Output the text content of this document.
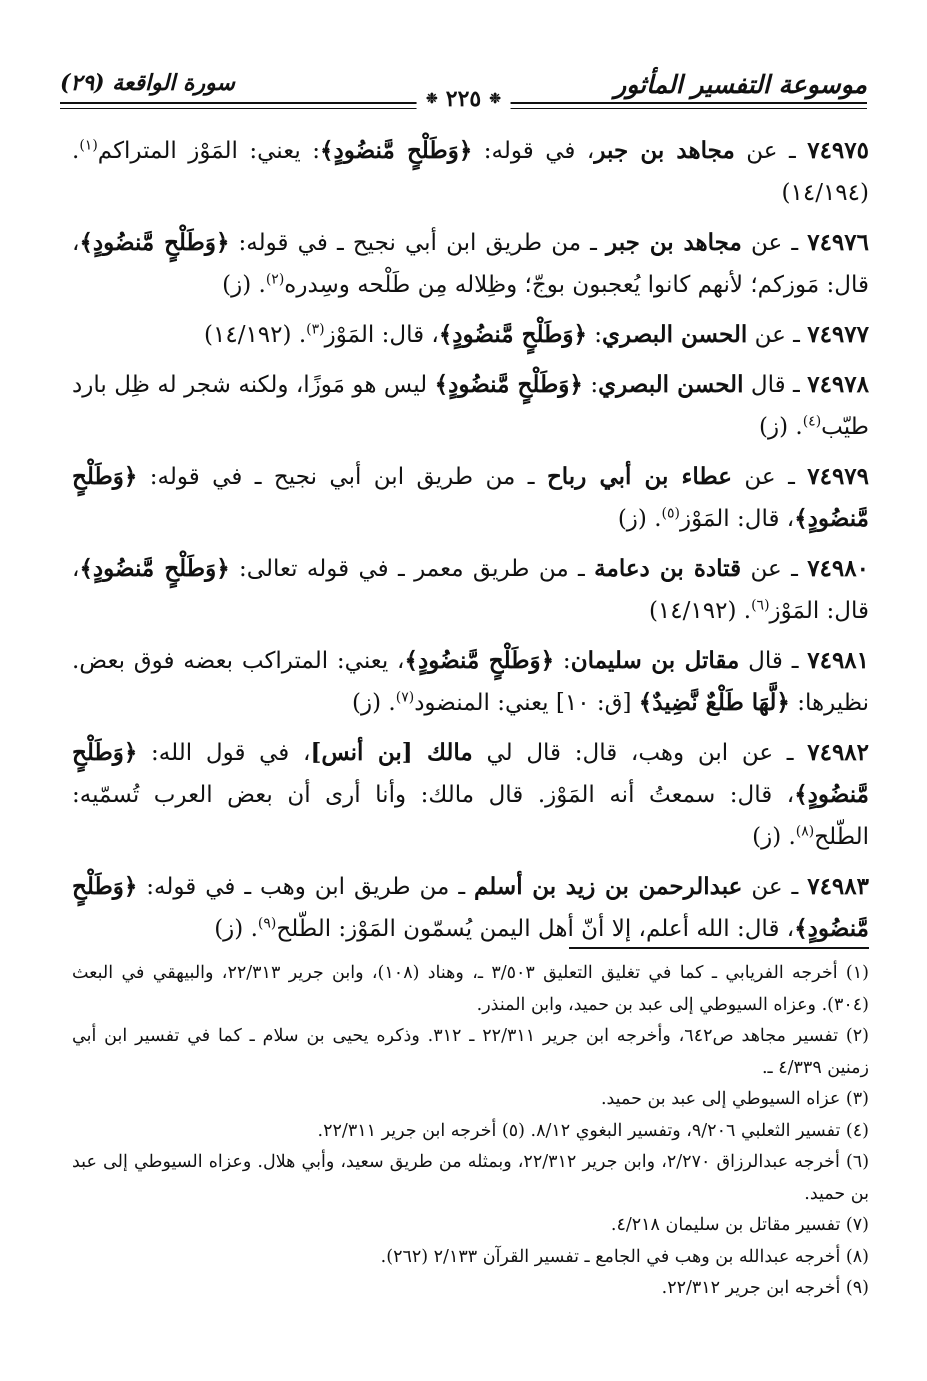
موسوعة التفسير المأثور
سورة الواقعة (٢٩)
❉
٢٢٥
❉

٧٤٩٧٥ ـ عن مجاهد بن جبر، في قوله: ﴿وَطَلْحٍ مَّنضُودٍ﴾: يعني: المَوْز المتراكم$^{(١)}$. (١٤/١٩٤)

٧٤٩٧٦ ـ عن مجاهد بن جبر ـ من طريق ابن أبي نجيح ـ في قوله: ﴿وَطَلْحٍ مَّنضُودٍ﴾، قال: مَوزكم؛ لأنهم كانوا يُعجبون بوجّ؛ وظِلاله مِن طَلْحه وسِدره$^{(٢)}$. (ز)

٧٤٩٧٧ ـ عن الحسن البصري: ﴿وَطَلْحٍ مَّنضُودٍ﴾، قال: المَوْز$^{(٣)}$. (١٤/١٩٢)

٧٤٩٧٨ ـ قال الحسن البصري: ﴿وَطَلْحٍ مَّنضُودٍ﴾ ليس هو مَوزًا، ولكنه شجر له ظِل بارد طيّب$^{(٤)}$. (ز)

٧٤٩٧٩ ـ عن عطاء بن أبي رباح ـ من طريق ابن أبي نجيح ـ في قوله: ﴿وَطَلْحٍ مَّنضُودٍ﴾، قال: المَوْز$^{(٥)}$. (ز)

٧٤٩٨٠ ـ عن قتادة بن دعامة ـ من طريق معمر ـ في قوله تعالى: ﴿وَطَلْحٍ مَّنضُودٍ﴾، قال: المَوْز$^{(٦)}$. (١٤/١٩٢)

٧٤٩٨١ ـ قال مقاتل بن سليمان: ﴿وَطَلْحٍ مَّنضُودٍ﴾، يعني: المتراكب بعضه فوق بعض. نظيرها: ﴿لَّهَا طَلْعٌ نَّضِيدٌ﴾ [ق: ١٠] يعني: المنضود$^{(٧)}$. (ز)

٧٤٩٨٢ ـ عن ابن وهب، قال: قال لي مالك [بن أنس]، في قول الله: ﴿وَطَلْحٍ مَّنضُودٍ﴾، قال: سمعتُ أنه المَوْز. قال مالك: وأنا أرى أن بعض العرب تُسمّيه: الطّلح$^{(٨)}$. (ز)

٧٤٩٨٣ ـ عن عبدالرحمن بن زيد بن أسلم ـ من طريق ابن وهب ـ في قوله: ﴿وَطَلْحٍ مَّنضُودٍ﴾، قال: الله أعلم، إلا أنّ أهل اليمن يُسمّون المَوْز: الطّلح$^{(٩)}$. (ز)

(١) أخرجه الفريابي ـ كما في تغليق التعليق ٣/٥٠٣ ـ، وهناد (١٠٨)، وابن جرير ٢٢/٣١٣، والبيهقي في البعث (٣٠٤). وعزاه السيوطي إلى عبد بن حميد، وابن المنذر.

(٢) تفسير مجاهد ص٦٤٢، وأخرجه ابن جرير ٢٢/٣١١ ـ ٣١٢. وذكره يحيى بن سلام ـ كما في تفسير ابن أبي زمنين ٤/٣٣٩ ـ.

(٣) عزاه السيوطي إلى عبد بن حميد.

(٤) تفسير الثعلبي ٩/٢٠٦، وتفسير البغوي ٨/١٢. (٥) أخرجه ابن جرير ٢٢/٣١١.

(٦) أخرجه عبدالرزاق ٢/٢٧٠، وابن جرير ٢٢/٣١٢، وبمثله من طريق سعيد، وأبي هلال. وعزاه السيوطي إلى عبد بن حميد.

(٧) تفسير مقاتل بن سليمان ٤/٢١٨.

(٨) أخرجه عبدالله بن وهب في الجامع ـ تفسير القرآن ٢/١٣٣ (٢٦٢).

(٩) أخرجه ابن جرير ٢٢/٣١٢.
